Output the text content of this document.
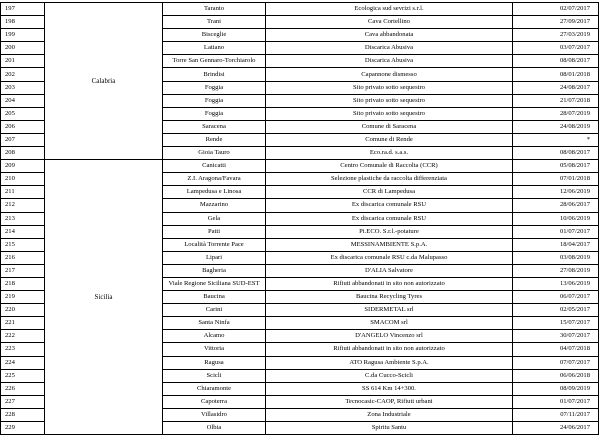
197	Calabria	Taranto	Ecologica sud sevrizi s.r.l.	02/07/2017
198		Trani	Cava Cortellino	27/09/2017
199		Bisceglie	Cava abbandonata	27/03/2019
200		Latiano	Discarica Abusiva	03/07/2017
201		Torre San Gennaro-Torchiarolo	Discarica Abusiva	08/08/2017
202		Brindisi	Capannone dismesso	08/01/2018
203		Foggia	Sito privato sotto sequestro	24/08/2017
204		Foggia	Sito privato sotto sequestro	21/07/2018
205		Foggia	Sito privato sotto sequestro	28/07/2019
206		Saracena	Comune di Saracena	24/08/2019
207		Rende	Comune di Rende	*
208		Gioia Tauro	Eco.ra.d. s.a.s.	08/08/2017
209	Sicilia	Canicatti	Centro Comunale di Raccolta (CCR)	05/08/2017
210		Z.I. Aragona/Favara	Selezione plastiche da raccolta differenziata	07/01/2018
211		Lampedusa e Linosa	CCR di Lampedusa	12/06/2019
212		Mazzarino	Ex discarica comunale RSU	28/06/2017
213		Gela	Ex discarica comunale RSU	10/06/2019
214		Patti	Pi.ECO. S.r.l.-potature	01/07/2017
215		Località Torrente Pace	MESSINAMBIENTE S.p.A.	18/04/2017
216		Lipari	Ex discarica comunale RSU c.da Malupasso	03/08/2019
217		Bagheria	D'ALIA Salvatore	27/08/2019
218		Viale Regione Siciliana SUD-EST	Rifiuti abbandonati in sito non autorizzato	13/06/2019
219		Baucina	Baucina Recycling Tyres	06/07/2017
220		Carini	SIDERMETAL srl	02/05/2017
221		Santa Ninfa	SMACOM srl	15/07/2017
222		Alcamo	D'ANGELO Vincenzo srl	30/07/2017
223		Vittoria	Rifiuti abbandonati in sito non autorizzato	04/07/2018
224		Ragusa	ATO Ragusa Ambiente S.p.A.	07/07/2017
225		Scicli	C.da Cucco-Scicli	06/06/2018
226		Chiaramonte	SS 614 Km 14+300.	08/09/2019
227		Capoterra	Tecnocasic-CAOP, Rifiuti urbani	01/07/2017
228		Villasidro	Zona Industriale	07/11/2017
229		Olbia	Spiritu Santu	24/06/2017
